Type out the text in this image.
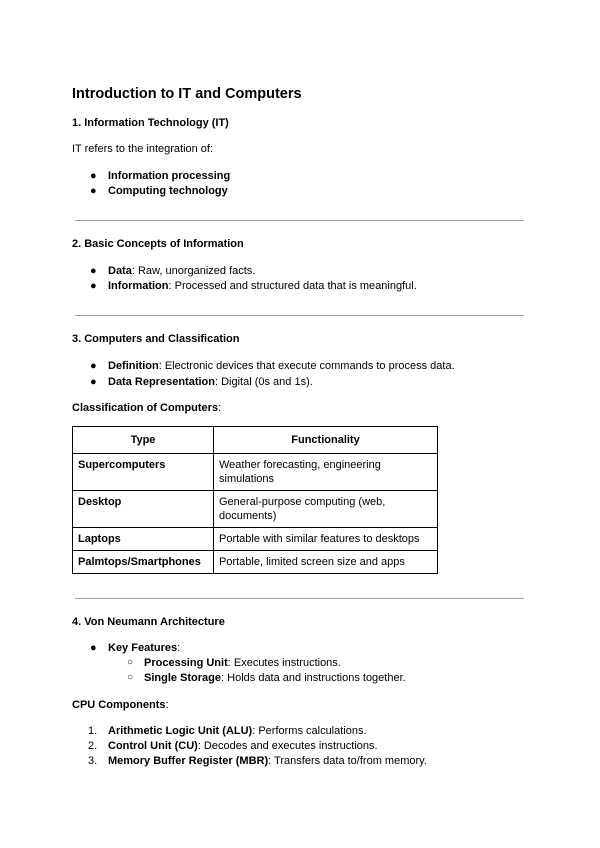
Introduction to IT and Computers
1. Information Technology (IT)
IT refers to the integration of:
● Information processing
● Computing technology
2. Basic Concepts of Information
● Data: Raw, unorganized facts.
● Information: Processed and structured data that is meaningful.
3. Computers and Classification
● Definition: Electronic devices that execute commands to process data.
● Data Representation: Digital (0s and 1s).
Classification of Computers:
Type	Functionality
Supercomputers	Weather forecasting, engineering simulations
Desktop	General-purpose computing (web, documents)
Laptops	Portable with similar features to desktops
Palmtops/Smartphones	Portable, limited screen size and apps
4. Von Neumann Architecture
● Key Features:
○ Processing Unit: Executes instructions.
○ Single Storage: Holds data and instructions together.
CPU Components:
1. Arithmetic Logic Unit (ALU): Performs calculations.
2. Control Unit (CU): Decodes and executes instructions.
3. Memory Buffer Register (MBR): Transfers data to/from memory.
